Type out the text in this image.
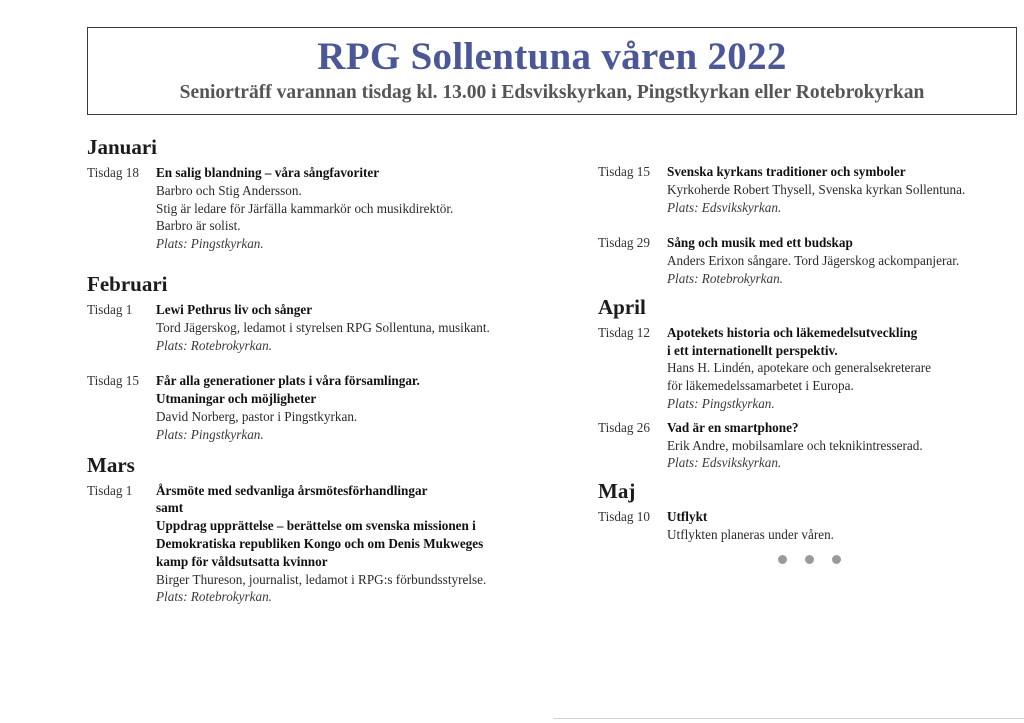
RPG Sollentuna våren 2022
Seniorträff varannan tisdag kl. 13.00 i Edsvikskyrkan, Pingstkyrkan eller Rotebrokyrkan
Januari
Tisdag 18	En salig blandning – våra sångfavoriter
Barbro och Stig Andersson.
Stig är ledare för Järfälla kammarkör och musikdirektör.
Barbro är solist.
Plats: Pingstkyrkan.
Februari
Tisdag 1	Lewi Pethrus liv och sånger
Tord Jägerskog, ledamot i styrelsen RPG Sollentuna, musikant.
Plats: Rotebrokyrkan.
Tisdag 15	Får alla generationer plats i våra församlingar.
Utmaningar och möjligheter
David Norberg, pastor i Pingstkyrkan.
Plats: Pingstkyrkan.
Mars
Tisdag 1	Årsmöte med sedvanliga årsmötesförhandlingar
samt
Uppdrag upprättelse – berättelse om svenska missionen i
Demokratiska republiken Kongo och om Denis Mukweges
kamp för våldsutsatta kvinnor
Birger Thureson, journalist, ledamot i RPG:s förbundsstyrelse.
Plats: Rotebrokyrkan.
Tisdag 15	Svenska kyrkans traditioner och symboler
Kyrkoherde Robert Thysell, Svenska kyrkan Sollentuna.
Plats: Edsvikskyrkan.
Tisdag 29	Sång och musik med ett budskap
Anders Erixon sångare. Tord Jägerskog ackompanjerar.
Plats: Rotebrokyrkan.
April
Tisdag 12	Apotekets historia och läkemedelsutveckling
i ett internationellt perspektiv.
Hans H. Lindén, apotekare och generalsekreterare
för läkemedelssamarbetet i Europa.
Plats: Pingstkyrkan.
Tisdag 26	Vad är en smartphone?
Erik Andre, mobilsamlare och teknikintresserad.
Plats: Edsvikskyrkan.
Maj
Tisdag 10	Utflykt
Utflykten planeras under våren.
